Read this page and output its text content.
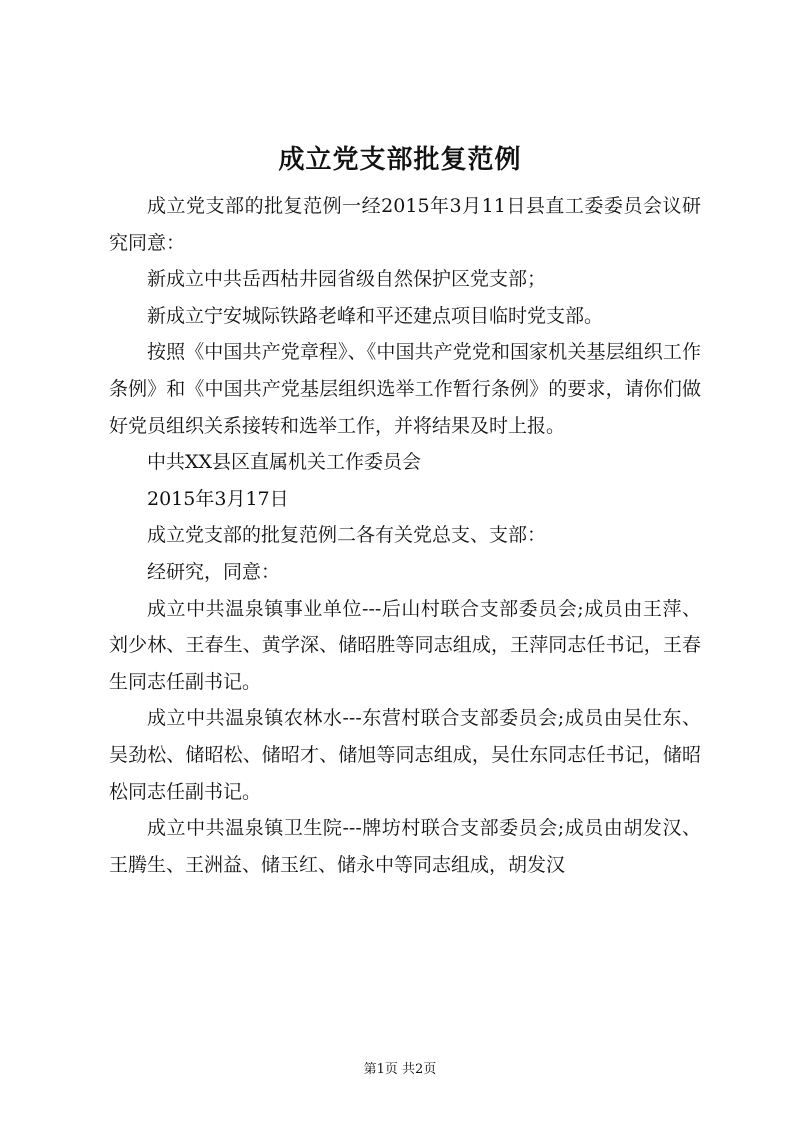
成立党支部批复范例

成立党支部的批复范例一经2015年3月11日县直工委委员会议研究同意：

新成立中共岳西枯井园省级自然保护区党支部；

新成立宁安城际铁路老峰和平还建点项目临时党支部。

按照《中国共产党章程》、《中国共产党党和国家机关基层组织工作条例》和《中国共产党基层组织选举工作暂行条例》的要求，请你们做好党员组织关系接转和选举工作，并将结果及时上报。

中共XX县区直属机关工作委员会

2015年3月17日

成立党支部的批复范例二各有关党总支、支部：

经研究，同意：

成立中共温泉镇事业单位---后山村联合支部委员会;成员由王萍、刘少林、王春生、黄学深、储昭胜等同志组成，王萍同志任书记，王春生同志任副书记。

成立中共温泉镇农林水---东营村联合支部委员会;成员由吴仕东、吴劲松、储昭松、储昭才、储旭等同志组成，吴仕东同志任书记，储昭松同志任副书记。

成立中共温泉镇卫生院---牌坊村联合支部委员会;成员由胡发汉、王腾生、王洲益、储玉红、储永中等同志组成，胡发汉

第1页 共2页
